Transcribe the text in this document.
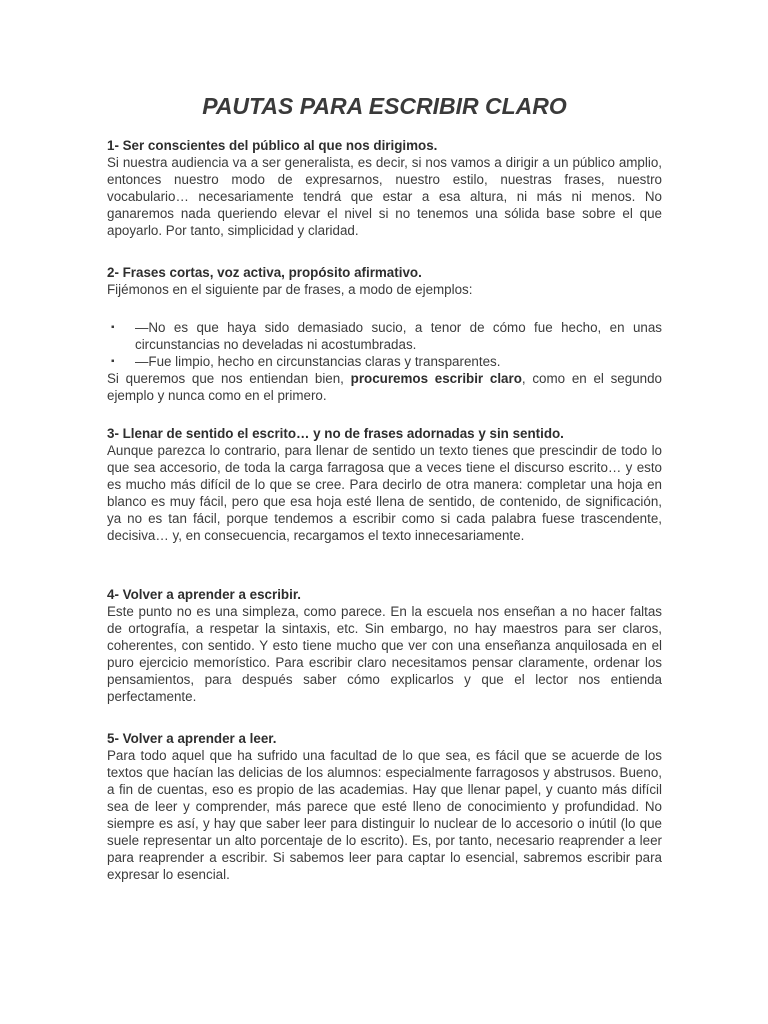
PAUTAS PARA ESCRIBIR CLARO

1- Ser conscientes del público al que nos dirigimos.

Si nuestra audiencia va a ser generalista, es decir, si nos vamos a dirigir a un público amplio, entonces nuestro modo de expresarnos, nuestro estilo, nuestras frases, nuestro vocabulario… necesariamente tendrá que estar a esa altura, ni más ni menos. No ganaremos nada queriendo elevar el nivel si no tenemos una sólida base sobre el que apoyarlo. Por tanto, simplicidad y claridad.

2- Frases cortas, voz activa, propósito afirmativo.

Fijémonos en el siguiente par de frases, a modo de ejemplos:

▪ —No es que haya sido demasiado sucio, a tenor de cómo fue hecho, en unas circunstancias no develadas ni acostumbradas.
▪ —Fue limpio, hecho en circunstancias claras y transparentes.

Si queremos que nos entiendan bien, procuremos escribir claro, como en el segundo ejemplo y nunca como en el primero.

3- Llenar de sentido el escrito… y no de frases adornadas y sin sentido.

Aunque parezca lo contrario, para llenar de sentido un texto tienes que prescindir de todo lo que sea accesorio, de toda la carga farragosa que a veces tiene el discurso escrito… y esto es mucho más difícil de lo que se cree. Para decirlo de otra manera: completar una hoja en blanco es muy fácil, pero que esa hoja esté llena de sentido, de contenido, de significación, ya no es tan fácil, porque tendemos a escribir como si cada palabra fuese trascendente, decisiva… y, en consecuencia, recargamos el texto innecesariamente.

4- Volver a aprender a escribir.

Este punto no es una simpleza, como parece. En la escuela nos enseñan a no hacer faltas de ortografía, a respetar la sintaxis, etc. Sin embargo, no hay maestros para ser claros, coherentes, con sentido. Y esto tiene mucho que ver con una enseñanza anquilosada en el puro ejercicio memorístico. Para escribir claro necesitamos pensar claramente, ordenar los pensamientos, para después saber cómo explicarlos y que el lector nos entienda perfectamente.

5- Volver a aprender a leer.

Para todo aquel que ha sufrido una facultad de lo que sea, es fácil que se acuerde de los textos que hacían las delicias de los alumnos: especialmente farragosos y abstrusos. Bueno, a fin de cuentas, eso es propio de las academias. Hay que llenar papel, y cuanto más difícil sea de leer y comprender, más parece que esté lleno de conocimiento y profundidad. No siempre es así, y hay que saber leer para distinguir lo nuclear de lo accesorio o inútil (lo que suele representar un alto porcentaje de lo escrito). Es, por tanto, necesario reaprender a leer para reaprender a escribir. Si sabemos leer para captar lo esencial, sabremos escribir para expresar lo esencial.
